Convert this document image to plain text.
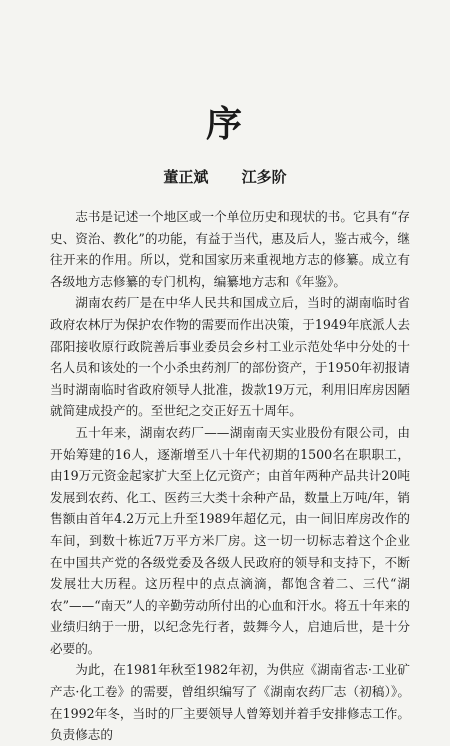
序
董正斌 江多阶

志书是记述一个地区或一个单位历史和现状的书。它具有“存史、资治、教化”的功能，有益于当代，惠及后人，鉴古戒今，继往开来的作用。所以，党和国家历来重视地方志的修纂。成立有各级地方志修纂的专门机构，编纂地方志和《年鉴》。

湖南农药厂是在中华人民共和国成立后，当时的湖南临时省政府农林厅为保护农作物的需要而作出决策，于1949年底派人去邵阳接收原行政院善后事业委员会乡村工业示范处华中分处的十名人员和该处的一个小杀虫药剂厂的部份资产，于1950年初报请当时湖南临时省政府领导人批准，拨款19万元，利用旧库房因陋就简建成投产的。至世纪之交正好五十周年。

五十年来，湖南农药厂——湖南南天实业股份有限公司，由开始筹建的16人，逐渐增至八十年代初期的1500名在职职工，由19万元资金起家扩大至上亿元资产；由首年两种产品共计20吨发展到农药、化工、医药三大类十余种产品，数量上万吨/年，销售额由首年4.2万元上升至1989年超亿元，由一间旧库房改作的车间，到数十栋近7万平方米厂房。这一切一切标志着这个企业在中国共产党的各级党委及各级人民政府的领导和支持下，不断发展壮大历程。这历程中的点点滴滴，都饱含着二、三代“湖农”——“南天”人的辛勤劳动所付出的心血和汗水。将五十年来的业绩归纳于一册，以纪念先行者，鼓舞今人，启迪后世，是十分必要的。

为此，在1981年秋至1982年初，为供应《湖南省志·工业矿产志·化工卷》的需要，曾组织编写了《湖南农药厂志（初稿）》。在1992年冬，当时的厂主要领导人曾筹划并着手安排修志工作。负责修志的
